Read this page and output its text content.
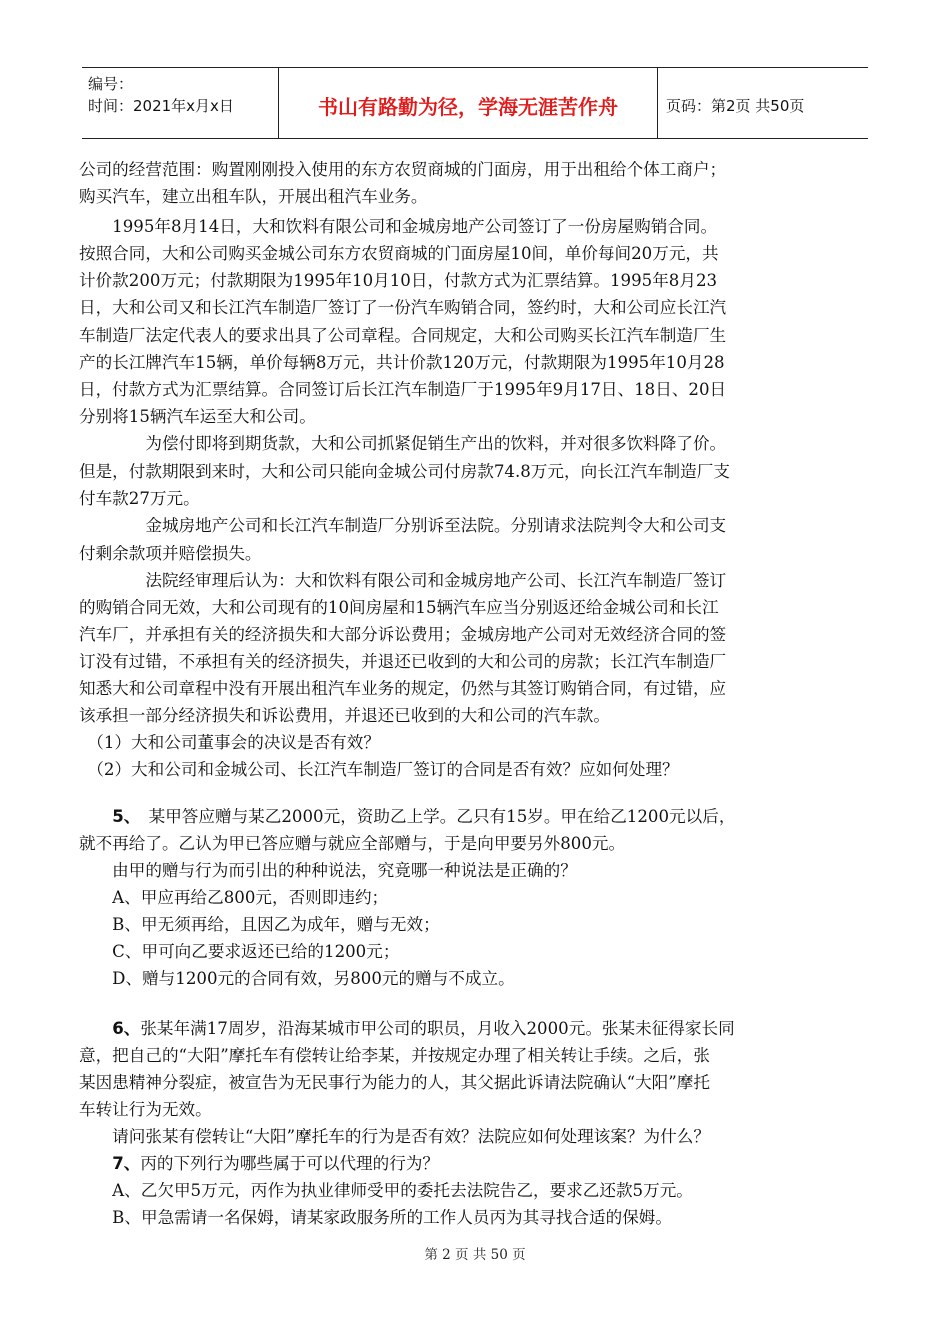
编号：
时间：2021年x月x日	书山有路勤为径，学海无涯苦作舟	页码：第2页 共50页
公司的经营范围：购置刚刚投入使用的东方农贸商城的门面房，用于出租给个体工商户；
购买汽车，建立出租车队，开展出租汽车业务。
　　1995年8月14日，大和饮料有限公司和金城房地产公司签订了一份房屋购销合同。
按照合同，大和公司购买金城公司东方农贸商城的门面房屋10间，单价每间20万元，共
计价款200万元；付款期限为1995年10月10日，付款方式为汇票结算。1995年8月23
日，大和公司又和长江汽车制造厂签订了一份汽车购销合同，签约时，大和公司应长江汽
车制造厂法定代表人的要求出具了公司章程。合同规定，大和公司购买长江汽车制造厂生
产的长江牌汽车15辆，单价每辆8万元，共计价款120万元，付款期限为1995年10月28
日，付款方式为汇票结算。合同签订后长江汽车制造厂于1995年9月17日、18日、20日
分别将15辆汽车运至大和公司。
　　　　为偿付即将到期货款，大和公司抓紧促销生产出的饮料，并对很多饮料降了价。
但是，付款期限到来时，大和公司只能向金城公司付房款74.8万元，向长江汽车制造厂支
付车款27万元。
　　　　金城房地产公司和长江汽车制造厂分别诉至法院。分别请求法院判令大和公司支
付剩余款项并赔偿损失。
　　　　法院经审理后认为：大和饮料有限公司和金城房地产公司、长江汽车制造厂签订
的购销合同无效，大和公司现有的10间房屋和15辆汽车应当分别返还给金城公司和长江
汽车厂，并承担有关的经济损失和大部分诉讼费用；金城房地产公司对无效经济合同的签
订没有过错，不承担有关的经济损失，并退还已收到的大和公司的房款；长江汽车制造厂
知悉大和公司章程中没有开展出租汽车业务的规定，仍然与其签订购销合同，有过错，应
该承担一部分经济损失和诉讼费用，并退还已收到的大和公司的汽车款。
　（1）大和公司董事会的决议是否有效？
　（2）大和公司和金城公司、长江汽车制造厂签订的合同是否有效？应如何处理？
　　5、　 某甲答应赠与某乙2000元，资助乙上学。乙只有15岁。甲在给乙1200元以后，
就不再给了。乙认为甲已答应赠与就应全部赠与，于是向甲要另外800元。
　　由甲的赠与行为而引出的种种说法，究竟哪一种说法是正确的？
　　A、甲应再给乙800元，否则即违约；
　　B、甲无须再给，且因乙为成年，赠与无效；
　　C、甲可向乙要求返还已给的1200元；
　　D、赠与1200元的合同有效，另800元的赠与不成立。
　　6、张某年满17周岁，沿海某城市甲公司的职员，月收入2000元。张某未征得家长同
意，把自己的“大阳”摩托车有偿转让给李某，并按规定办理了相关转让手续。之后，张
某因患精神分裂症，被宣告为无民事行为能力的人，其父据此诉请法院确认“大阳”摩托
车转让行为无效。
　　请问张某有偿转让“大阳”摩托车的行为是否有效？法院应如何处理该案？为什么？
　　7、丙的下列行为哪些属于可以代理的行为？
　　A、乙欠甲5万元，丙作为执业律师受甲的委托去法院告乙，要求乙还款5万元。
　　B、甲急需请一名保姆，请某家政服务所的工作人员丙为其寻找合适的保姆。
第 2 页 共 50 页
